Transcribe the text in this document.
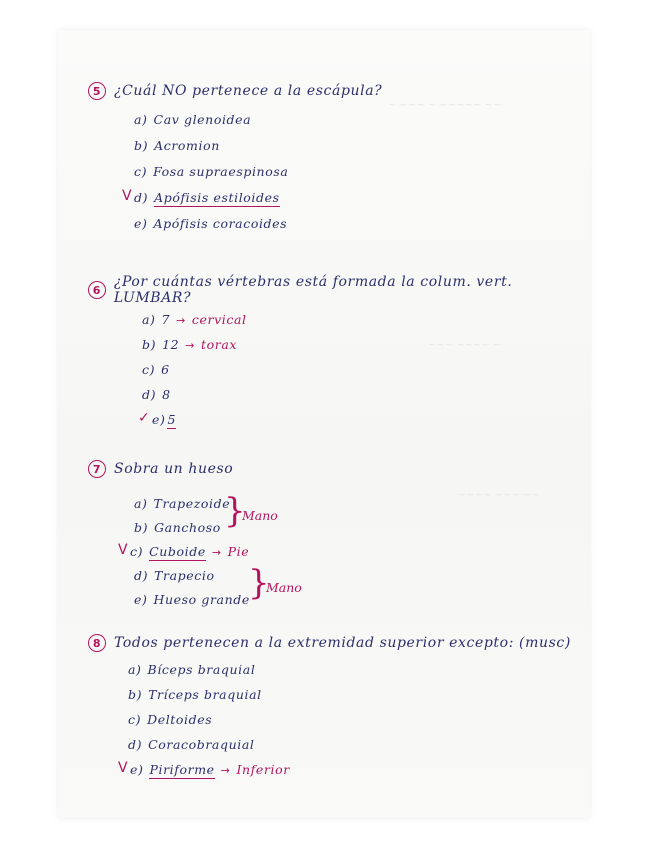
~ ~~~ ~ ~~~~~ ~~
~~~ ~~~~ ~
~~~~ ~~~ ~~
5 ¿Cuál NO pertenece a la escápula?
a) Cav glenoidea
b) Acromion
c) Fosa supraespinosa
V d) Apófisis estiloides
e) Apófisis coracoides
6 ¿Por cuántas vértebras está formada la colum. vert. LUMBAR?
a) 7 → cervical
b) 12 → torax
c) 6
d) 8
✓ e) 5
7 Sobra un hueso
a) Trapezoide
b) Ganchoso }
Mano
V c) Cuboide → Pie
d) Trapecio
e) Hueso grande
}
Mano
8 Todos pertenecen a la extremidad superior excepto: (musc)
a) Bíceps braquial
b) Tríceps braquial
c) Deltoides
d) Coracobraquial
V e) Piriforme → Inferior
